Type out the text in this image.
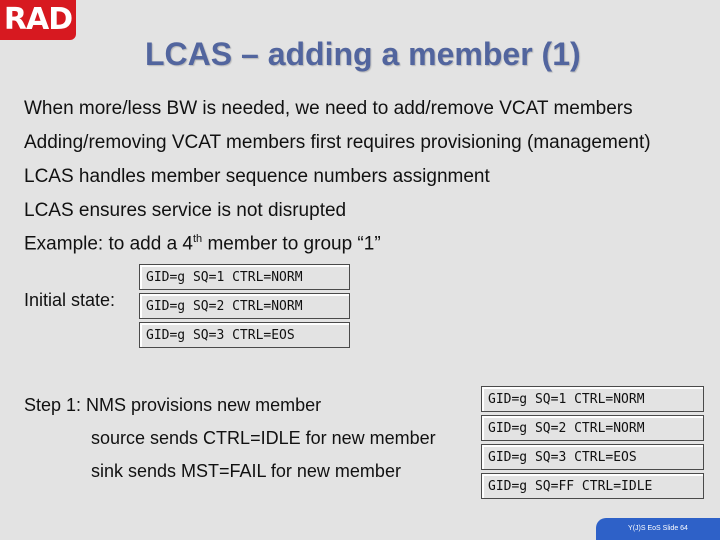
RAD
LCAS – adding a member (1)
When more/less BW is needed, we need to add/remove VCAT members
Adding/removing VCAT members first requires provisioning (management)
LCAS handles member sequence numbers assignment
LCAS ensures service is not disrupted
Example: to add a 4th member to group “1”
Initial state:
GID=g SQ=1 CTRL=NORM
GID=g SQ=2 CTRL=NORM
GID=g SQ=3 CTRL=EOS
Step 1: NMS provisions new member
source sends CTRL=IDLE for new member
sink sends MST=FAIL for new member
GID=g SQ=1 CTRL=NORM
GID=g SQ=2 CTRL=NORM
GID=g SQ=3 CTRL=EOS
GID=g SQ=FF CTRL=IDLE
Y(J)S EoS Slide 64
